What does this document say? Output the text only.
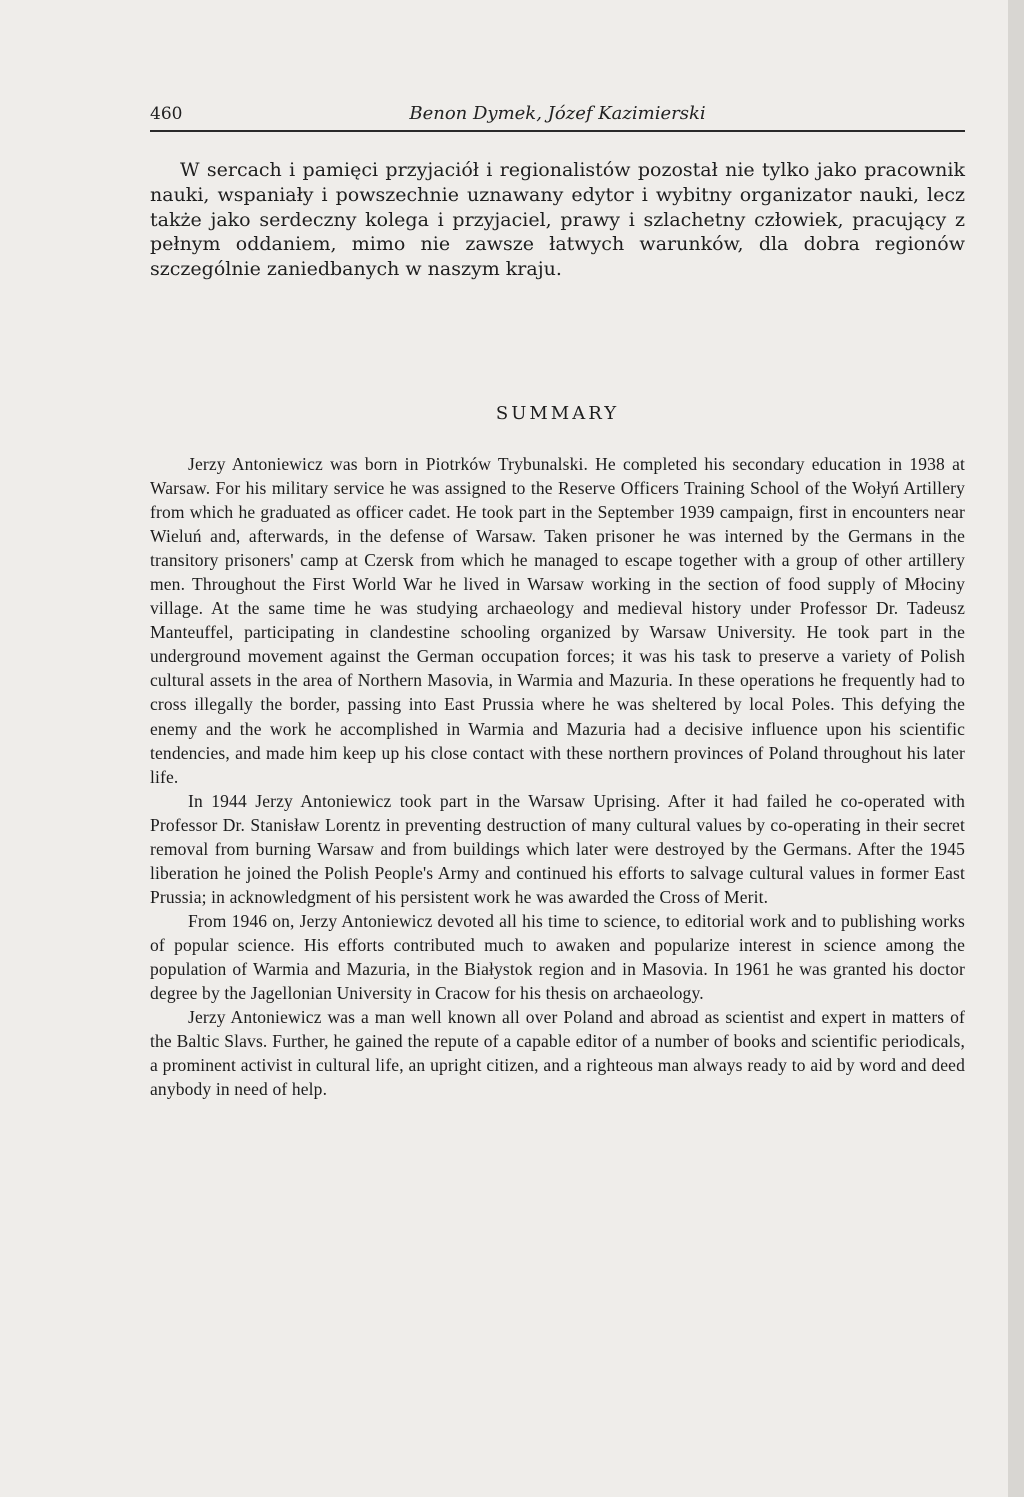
460	Benon Dymek, Józef Kazimierski

W sercach i pamięci przyjaciół i regionalistów pozostał nie tylko jako pracownik nauki, wspaniały i powszechnie uznawany edytor i wybitny organizator nauki, lecz także jako serdeczny kolega i przyjaciel, prawy i szlachetny człowiek, pracujący z pełnym oddaniem, mimo nie zawsze łatwych warunków, dla dobra regionów szczególnie zaniedbanych w naszym kraju.

SUMMARY

Jerzy Antoniewicz was born in Piotrków Trybunalski. He completed his secondary education in 1938 at Warsaw. For his military service he was assigned to the Reserve Officers Training School of the Wołyń Artillery from which he graduated as officer cadet. He took part in the September 1939 campaign, first in encounters near Wieluń and, afterwards, in the defense of Warsaw. Taken prisoner he was interned by the Germans in the transitory prisoners' camp at Czersk from which he managed to escape together with a group of other artillery men. Throughout the First World War he lived in Warsaw working in the section of food supply of Młociny village. At the same time he was studying archaeology and medieval history under Professor Dr. Tadeusz Manteuffel, participating in clandestine schooling organized by Warsaw University. He took part in the underground movement against the German occupation forces; it was his task to preserve a variety of Polish cultural assets in the area of Northern Masovia, in Warmia and Mazuria. In these operations he frequently had to cross illegally the border, passing into East Prussia where he was sheltered by local Poles. This defying the enemy and the work he accomplished in Warmia and Mazuria had a decisive influence upon his scientific tendencies, and made him keep up his close contact with these northern provinces of Poland throughout his later life.

In 1944 Jerzy Antoniewicz took part in the Warsaw Uprising. After it had failed he co-operated with Professor Dr. Stanisław Lorentz in preventing destruction of many cultural values by co-operating in their secret removal from burning Warsaw and from buildings which later were destroyed by the Germans. After the 1945 liberation he joined the Polish People's Army and continued his efforts to salvage cultural values in former East Prussia; in acknowledgment of his persistent work he was awarded the Cross of Merit.

From 1946 on, Jerzy Antoniewicz devoted all his time to science, to editorial work and to publishing works of popular science. His efforts contributed much to awaken and popularize interest in science among the population of Warmia and Mazuria, in the Białystok region and in Masovia. In 1961 he was granted his doctor degree by the Jagellonian University in Cracow for his thesis on archaeology.

Jerzy Antoniewicz was a man well known all over Poland and abroad as scientist and expert in matters of the Baltic Slavs. Further, he gained the repute of a capable editor of a number of books and scientific periodicals, a prominent activist in cultural life, an upright citizen, and a righteous man always ready to aid by word and deed anybody in need of help.
